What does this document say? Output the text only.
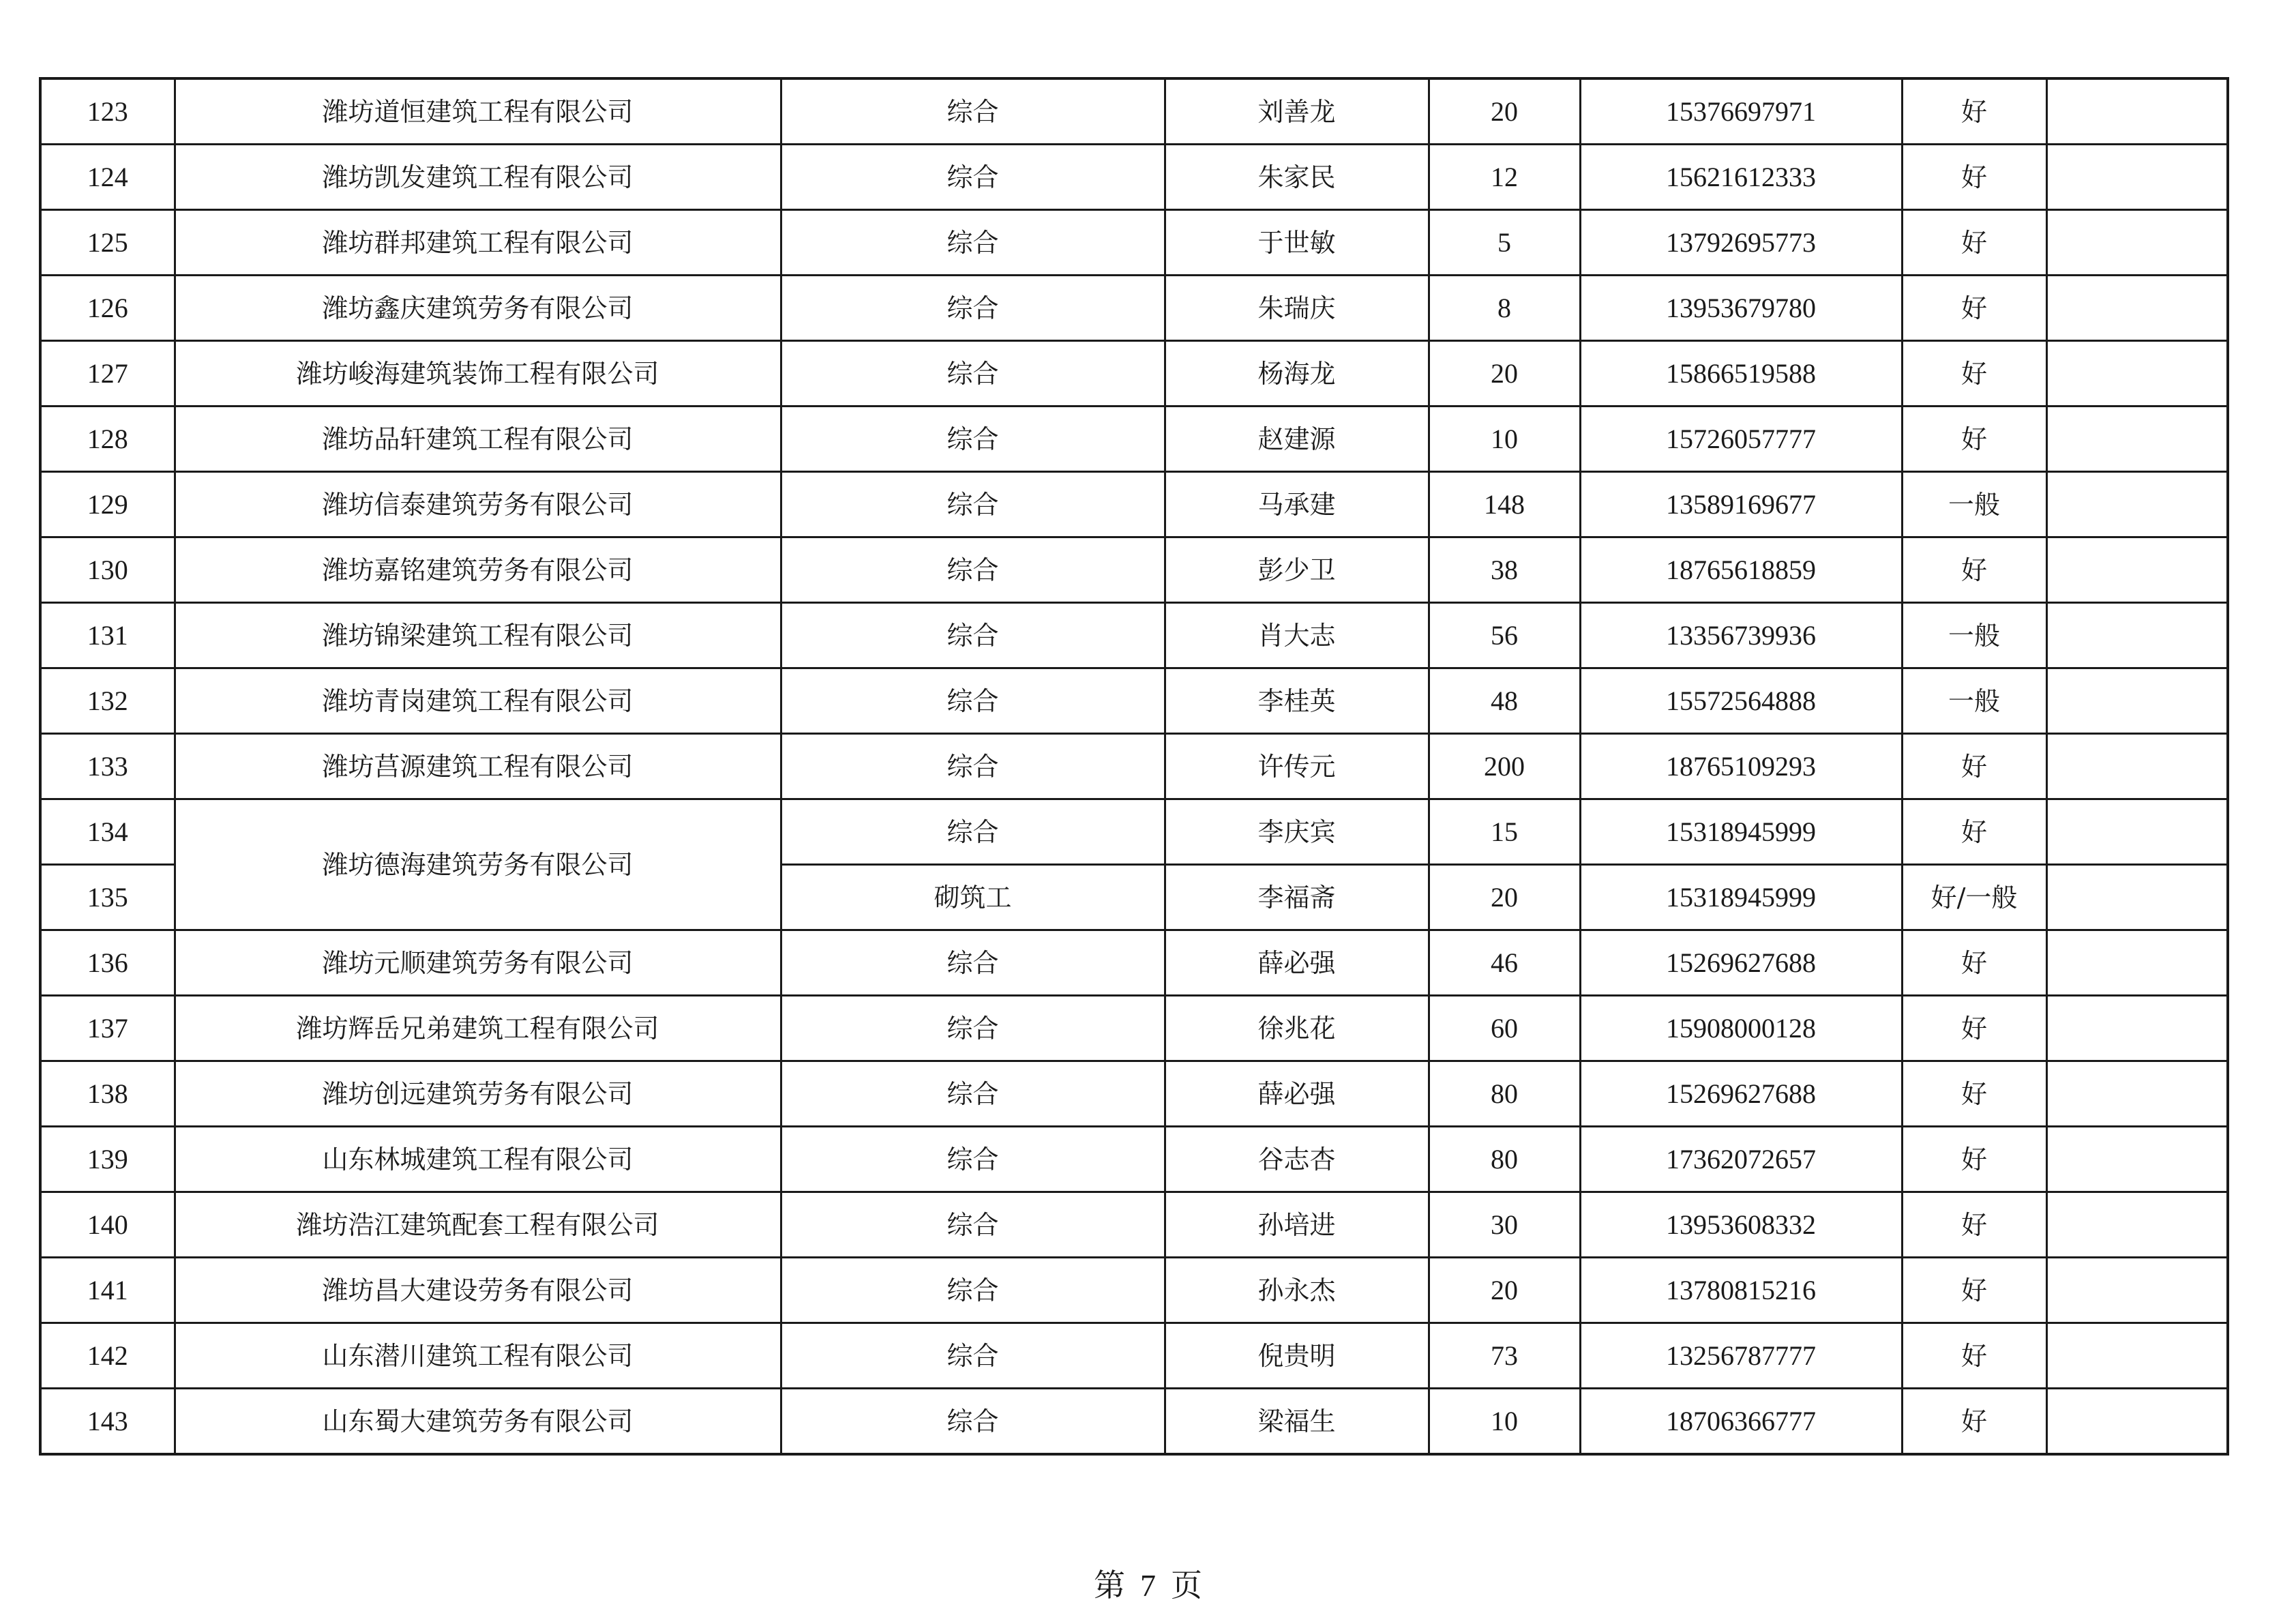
123	潍坊道恒建筑工程有限公司	综合	刘善龙	20	15376697971	好	
124	潍坊凯发建筑工程有限公司	综合	朱家民	12	15621612333	好	
125	潍坊群邦建筑工程有限公司	综合	于世敏	5	13792695773	好	
126	潍坊鑫庆建筑劳务有限公司	综合	朱瑞庆	8	13953679780	好	
127	潍坊峻海建筑装饰工程有限公司	综合	杨海龙	20	15866519588	好	
128	潍坊品轩建筑工程有限公司	综合	赵建源	10	15726057777	好	
129	潍坊信泰建筑劳务有限公司	综合	马承建	148	13589169677	一般	
130	潍坊嘉铭建筑劳务有限公司	综合	彭少卫	38	18765618859	好	
131	潍坊锦梁建筑工程有限公司	综合	肖大志	56	13356739936	一般	
132	潍坊青岗建筑工程有限公司	综合	李桂英	48	15572564888	一般	
133	潍坊莒源建筑工程有限公司	综合	许传元	200	18765109293	好	
134	潍坊德海建筑劳务有限公司	综合	李庆宾	15	15318945999	好	
135		砌筑工	李福斋	20	15318945999	好/一般	
136	潍坊元顺建筑劳务有限公司	综合	薛必强	46	15269627688	好	
137	潍坊辉岳兄弟建筑工程有限公司	综合	徐兆花	60	15908000128	好	
138	潍坊创远建筑劳务有限公司	综合	薛必强	80	15269627688	好	
139	山东林城建筑工程有限公司	综合	谷志杏	80	17362072657	好	
140	潍坊浩江建筑配套工程有限公司	综合	孙培进	30	13953608332	好	
141	潍坊昌大建设劳务有限公司	综合	孙永杰	20	13780815216	好	
142	山东潜川建筑工程有限公司	综合	倪贵明	73	13256787777	好	
143	山东蜀大建筑劳务有限公司	综合	梁福生	10	18706366777	好	
第 7 页
